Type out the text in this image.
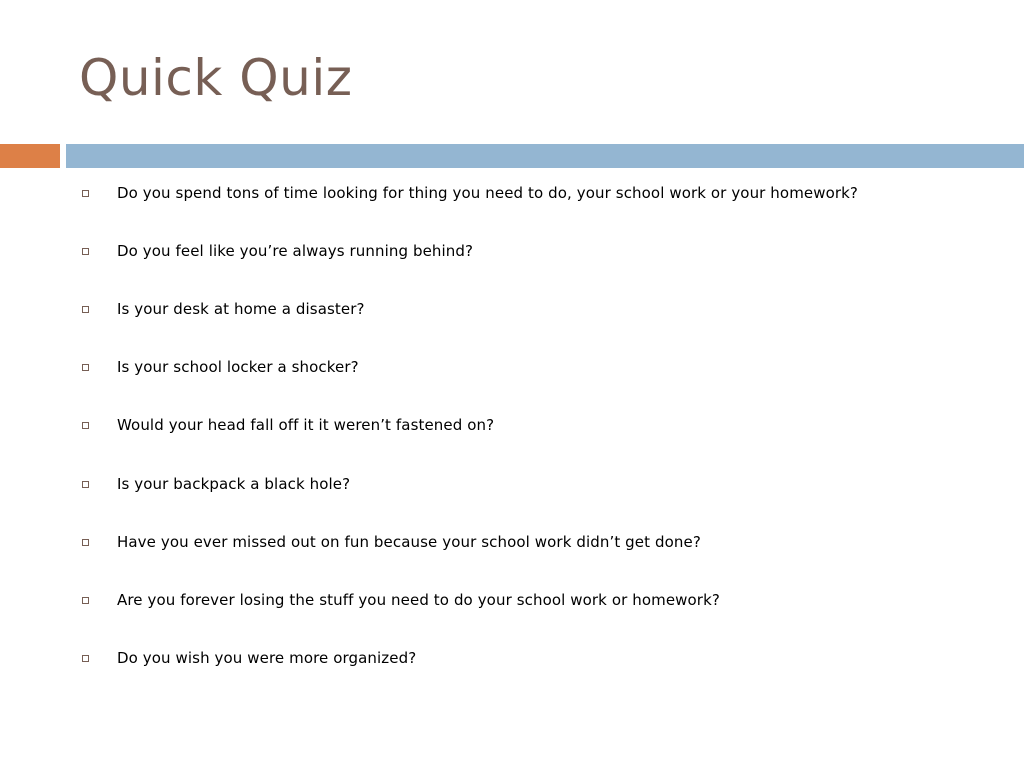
Quick Quiz
Do you spend tons of time looking for thing you need to do, your school work or your homework?
Do you feel like you’re always running behind?
Is your desk at home a disaster?
Is your school locker a shocker?
Would your head fall off it it weren’t fastened on?
Is your backpack a black hole?
Have you ever missed out on fun because your school work didn’t get done?
Are you forever losing the stuff you need to do your school work or homework?
Do you wish you were more organized?
